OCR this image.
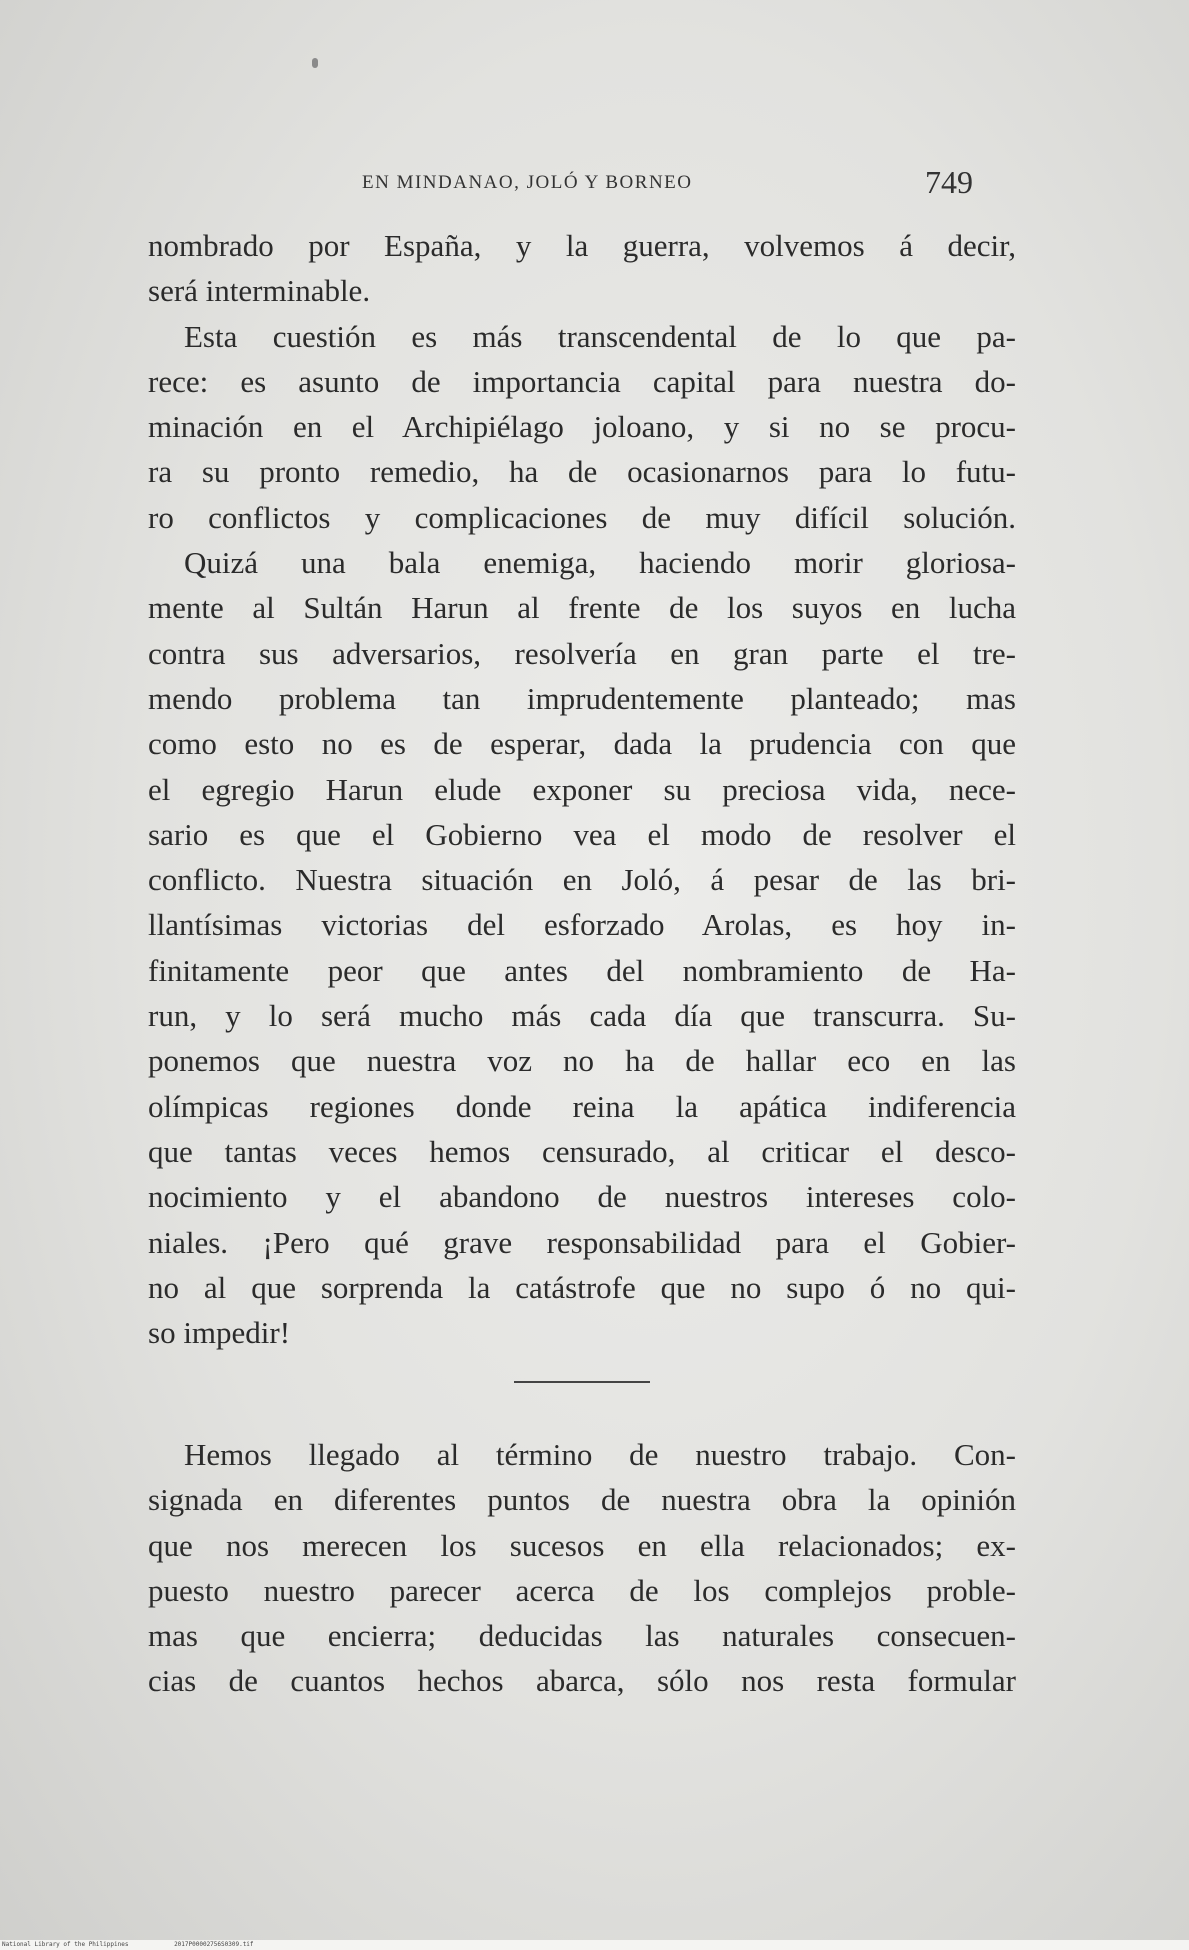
EN MINDANAO, JOLÓ Y BORNEO	749
nombrado por España, y la guerra, volvemos á decir,
será interminable.
Esta cuestión es más transcendental de lo que pa-
rece: es asunto de importancia capital para nuestra do-
minación en el Archipiélago joloano, y si no se procu-
ra su pronto remedio, ha de ocasionarnos para lo futu-
ro conflictos y complicaciones de muy difícil solución.
Quizá una bala enemiga, haciendo morir gloriosa-
mente al Sultán Harun al frente de los suyos en lucha
contra sus adversarios, resolvería en gran parte el tre-
mendo problema tan imprudentemente planteado; mas
como esto no es de esperar, dada la prudencia con que
el egregio Harun elude exponer su preciosa vida, nece-
sario es que el Gobierno vea el modo de resolver el
conflicto. Nuestra situación en Joló, á pesar de las bri-
llantísimas victorias del esforzado Arolas, es hoy in-
finitamente peor que antes del nombramiento de Ha-
run, y lo será mucho más cada día que transcurra. Su-
ponemos que nuestra voz no ha de hallar eco en las
olímpicas regiones donde reina la apática indiferencia
que tantas veces hemos censurado, al criticar el desco-
nocimiento y el abandono de nuestros intereses colo-
niales. ¡Pero qué grave responsabilidad para el Gobier-
no al que sorprenda la catástrofe que no supo ó no qui-
so impedir!
Hemos llegado al término de nuestro trabajo. Con-
signada en diferentes puntos de nuestra obra la opinión
que nos merecen los sucesos en ella relacionados; ex-
puesto nuestro parecer acerca de los complejos proble-
mas que encierra; deducidas las naturales consecuen-
cias de cuantos hechos abarca, sólo nos resta formular
National Library of the Philippines	2017P00002756S0309.tif
